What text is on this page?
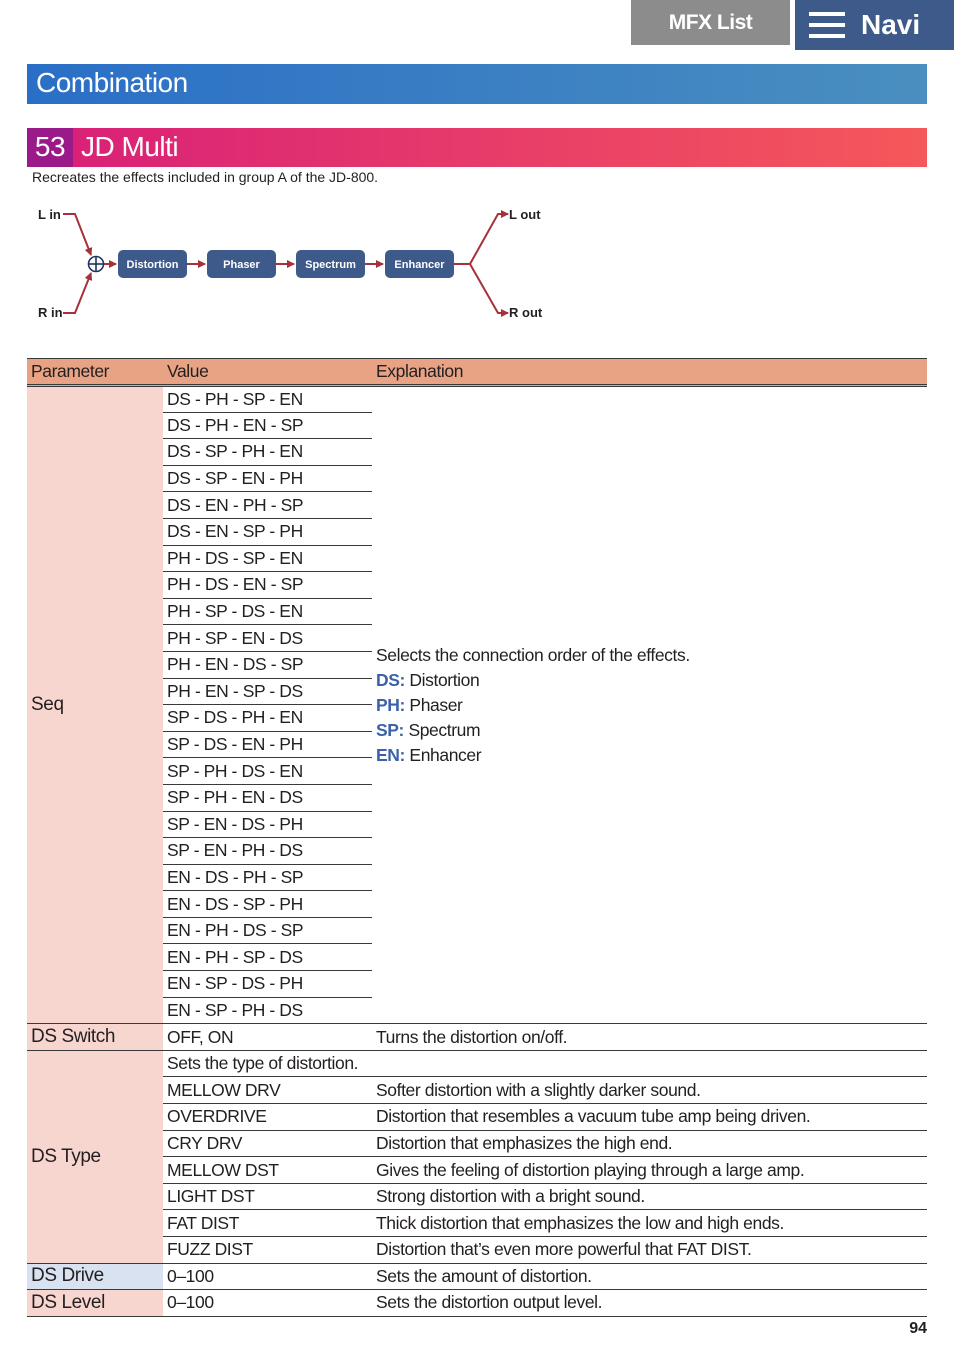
MFX List	Navi
Combination
53 JD Multi
Recreates the effects included in group A of the JD-800.
L in
R in
L out
R out
Distortion	Phaser	Spectrum	Enhancer
Parameter	Value	Explanation
Seq	DS - PH - SP - EN	Selects the connection order of the effects.
DS: Distortion
PH: Phaser
SP: Spectrum
EN: Enhancer

	DS - PH - EN - SP	
	DS - SP - PH - EN	
	DS - SP - EN - PH	
	DS - EN - PH - SP	
	DS - EN - SP - PH	
	PH - DS - SP - EN	
	PH - DS - EN - SP	
	PH - SP - DS - EN	
	PH - SP - EN - DS	
	PH - EN - DS - SP	
	PH - EN - SP - DS	
	SP - DS - PH - EN	
	SP - DS - EN - PH	
	SP - PH - DS - EN	
	SP - PH - EN - DS	
	SP - EN - DS - PH	
	SP - EN - PH - DS	
	EN - DS - PH - SP	
	EN - DS - SP - PH	
	EN - PH - DS - SP	
	EN - PH - SP - DS	
	EN - SP - DS - PH	
	EN - SP - PH - DS	
DS Switch	OFF, ON	Turns the distortion on/off.
DS Type	Sets the type of distortion.	
	MELLOW DRV	Softer distortion with a slightly darker sound.
	OVERDRIVE	Distortion that resembles a vacuum tube amp being driven.
	CRY DRV	Distortion that emphasizes the high end.
	MELLOW DST	Gives the feeling of distortion playing through a large amp.
	LIGHT DST	Strong distortion with a bright sound.
	FAT DIST	Thick distortion that emphasizes the low and high ends.
	FUZZ DIST	Distortion that’s even more powerful that FAT DIST.
DS Drive	0–100	Sets the amount of distortion.
DS Level	0–100	Sets the distortion output level.
94
